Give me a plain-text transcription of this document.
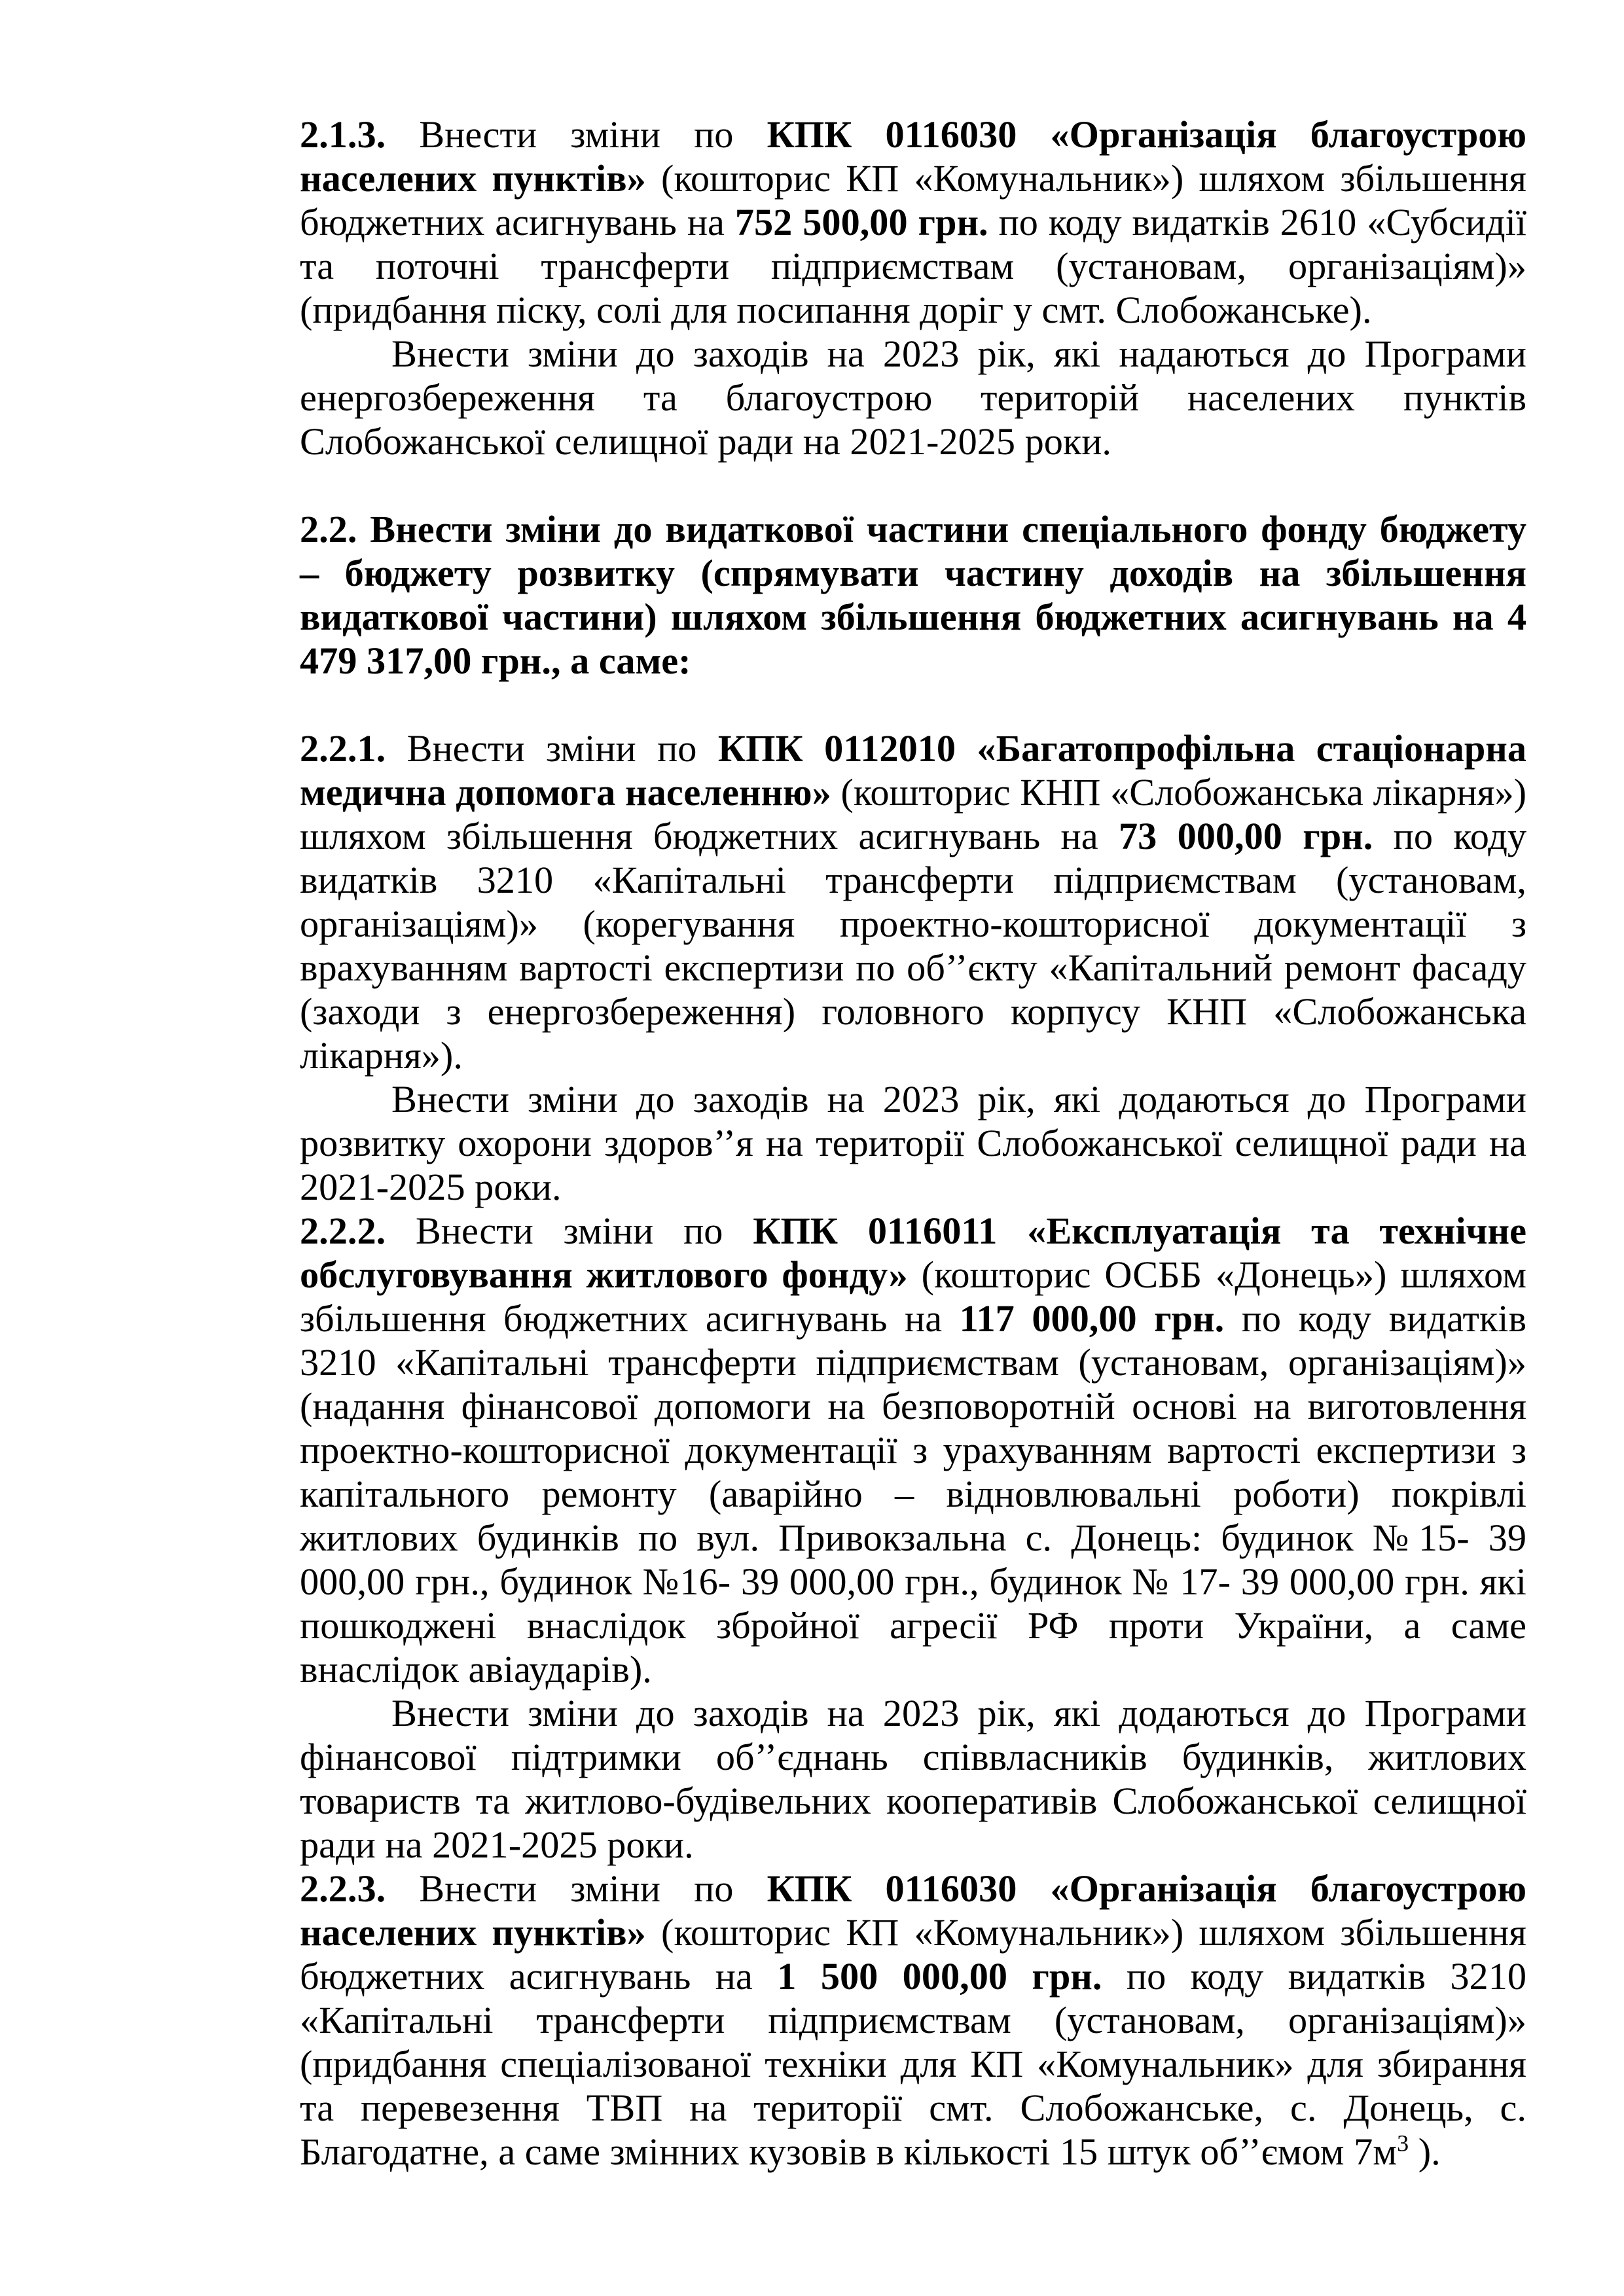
2.1.3. Внести зміни по КПК 0116030 «Організація благоустрою населених пунктів» (кошторис КП «Комунальник») шляхом збільшення бюджетних асигнувань на 752 500,00 грн. по коду видатків 2610 «Субсидії та поточні трансферти підприємствам (установам, організаціям)» (придбання піску, солі для посипання доріг у смт. Слобожанське).

Внести зміни до заходів на 2023 рік, які надаються до Програми енергозбереження та благоустрою територій населених пунктів Слобожанської селищної ради на 2021-2025 роки.

2.2. Внести зміни до видаткової частини спеціального фонду бюджету – бюджету розвитку (спрямувати частину доходів на збільшення видаткової частини) шляхом збільшення бюджетних асигнувань на 4 479 317,00 грн., а саме:

2.2.1. Внести зміни по КПК 0112010 «Багатопрофільна стаціонарна медична допомога населенню» (кошторис КНП «Слобожанська лікарня») шляхом збільшення бюджетних асигнувань на 73 000,00 грн. по коду видатків 3210 «Капітальні трансферти підприємствам (установам, організаціям)» (корегування проектно-кошторисної документації з врахуванням вартості експертизи по об’’єкту «Капітальний ремонт фасаду (заходи з енергозбереження) головного корпусу КНП «Слобожанська лікарня»).

Внести зміни до заходів на 2023 рік, які додаються до Програми розвитку охорони здоров’’я на території Слобожанської селищної ради на 2021-2025 роки.

2.2.2. Внести зміни по КПК 0116011 «Експлуатація та технічне обслуговування житлового фонду» (кошторис ОСББ «Донець») шляхом збільшення бюджетних асигнувань на 117 000,00 грн. по коду видатків 3210 «Капітальні трансферти підприємствам (установам, організаціям)» (надання фінансової допомоги на безповоротній основі на виготовлення проектно-кошторисної документації з урахуванням вартості експертизи з капітального ремонту (аварійно – відновлювальні роботи) покрівлі житлових будинків по вул. Привокзальна с. Донець: будинок №15- 39 000,00 грн., будинок №16- 39 000,00 грн., будинок № 17- 39 000,00 грн. які пошкоджені внаслідок збройної агресії РФ проти України, а саме внаслідок авіаударів).

Внести зміни до заходів на 2023 рік, які додаються до Програми фінансової підтримки об’’єднань співвласників будинків, житлових товариств та житлово-будівельних кооперативів Слобожанської селищної ради на 2021-2025 роки.

2.2.3. Внести зміни по КПК 0116030 «Організація благоустрою населених пунктів» (кошторис КП «Комунальник») шляхом збільшення бюджетних асигнувань на 1 500 000,00 грн. по коду видатків 3210 «Капітальні трансферти підприємствам (установам, організаціям)» (придбання спеціалізованої техніки для КП «Комунальник» для збирання та перевезення ТВП на території смт. Слобожанське, с. Донець, с. Благодатне, а саме змінних кузовів в кількості 15 штук об’’ємом $7м^3$ ).
